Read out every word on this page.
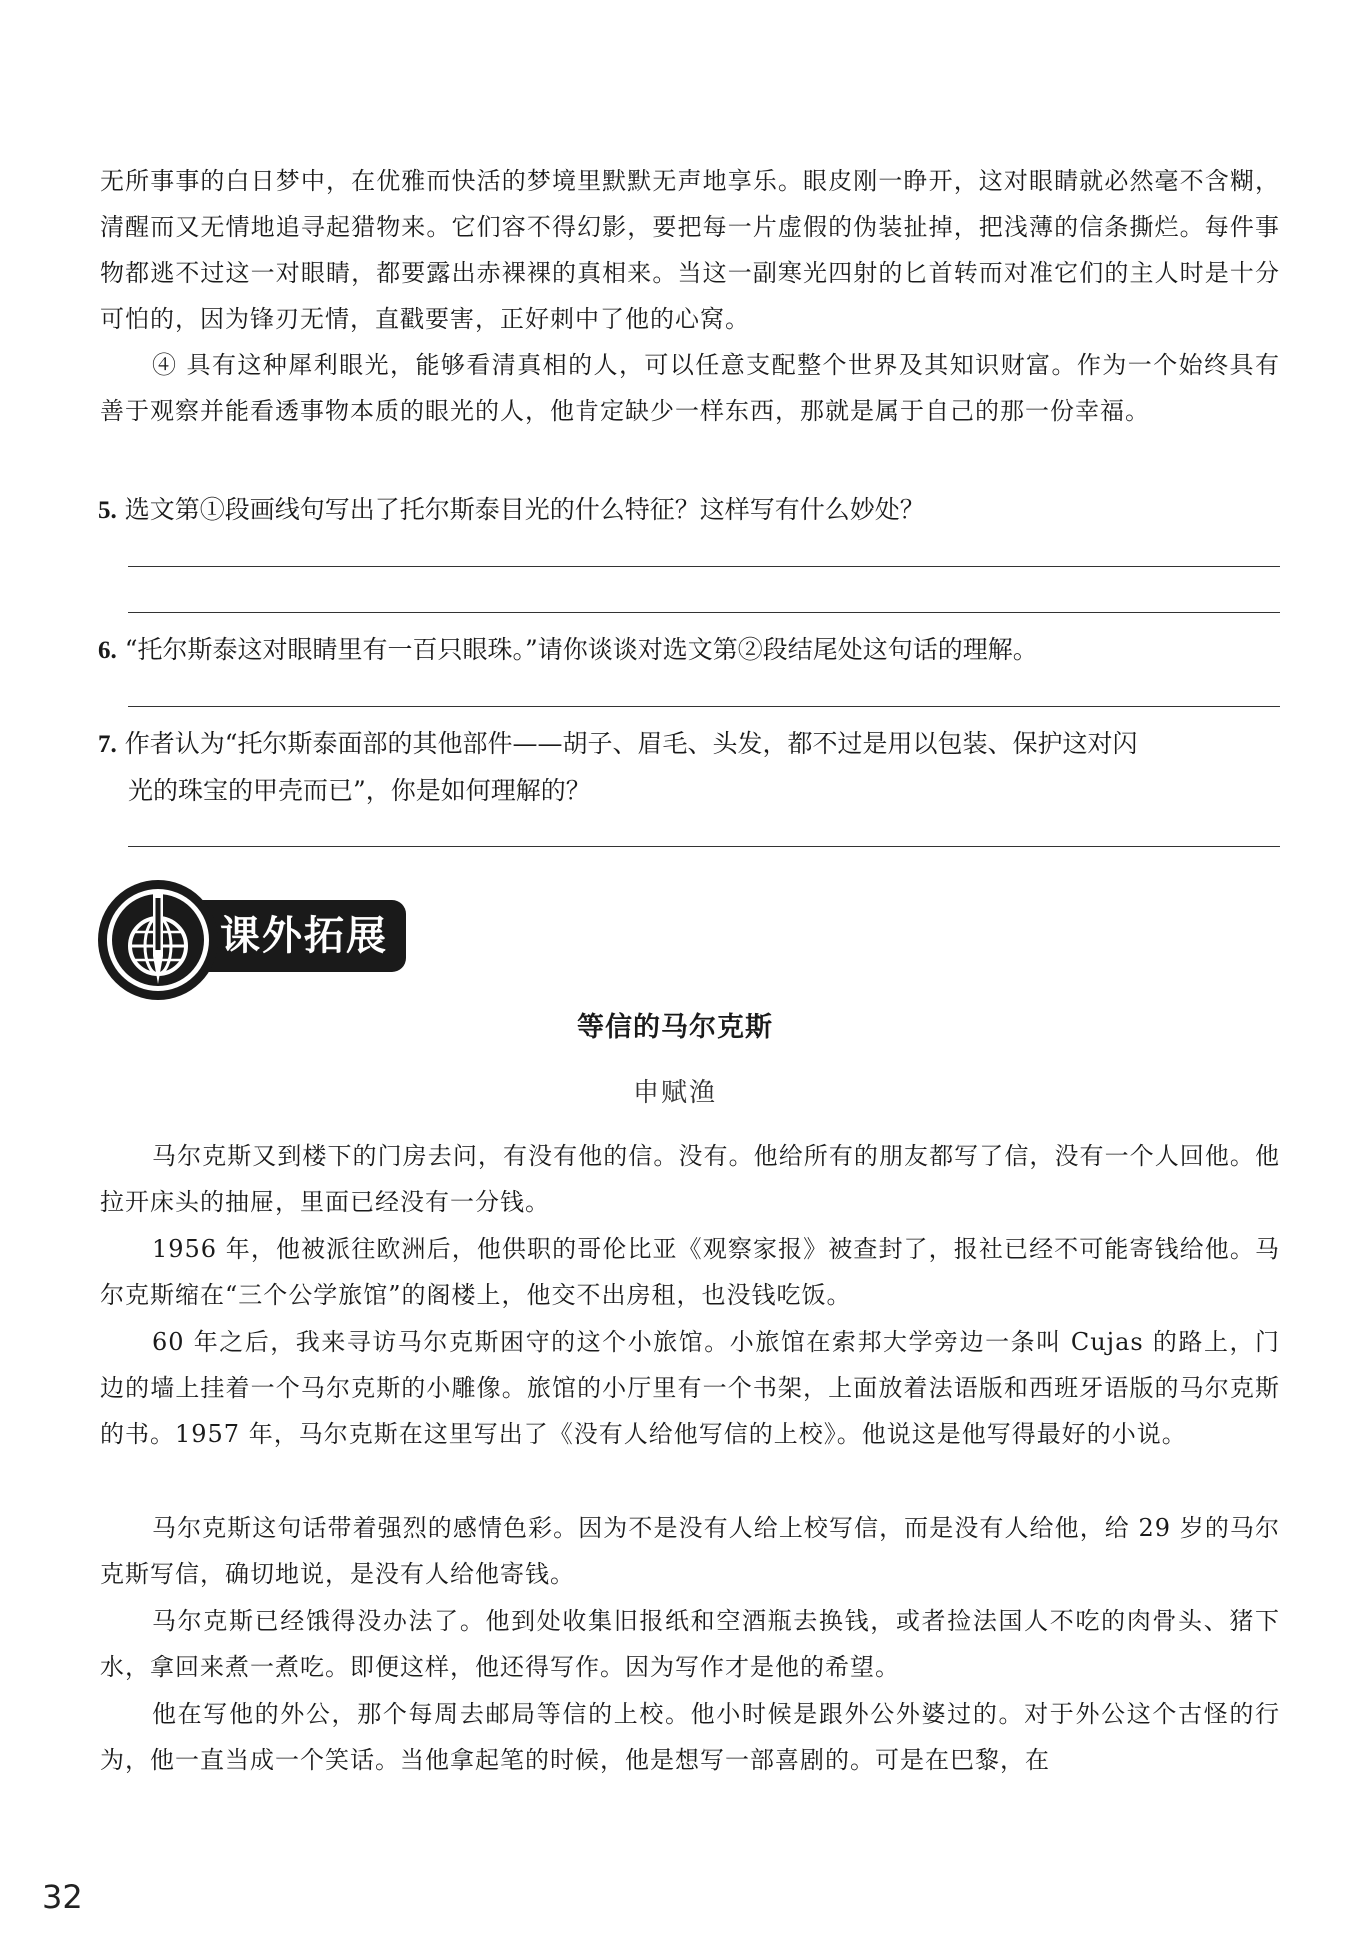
无所事事的白日梦中，在优雅而快活的梦境里默默无声地享乐。眼皮刚一睁开，这对眼睛就必然毫不含糊，清醒而又无情地追寻起猎物来。它们容不得幻影，要把每一片虚假的伪装扯掉，把浅薄的信条撕烂。每件事物都逃不过这一对眼睛，都要露出赤裸裸的真相来。当这一副寒光四射的匕首转而对准它们的主人时是十分可怕的，因为锋刃无情，直戳要害，正好刺中了他的心窝。

④ 具有这种犀利眼光，能够看清真相的人，可以任意支配整个世界及其知识财富。作为一个始终具有善于观察并能看透事物本质的眼光的人，他肯定缺少一样东西，那就是属于自己的那一份幸福。

5. 选文第①段画线句写出了托尔斯泰目光的什么特征？这样写有什么妙处？
6. “托尔斯泰这对眼睛里有一百只眼珠。”请你谈谈对选文第②段结尾处这句话的理解。
7. 作者认为“托尔斯泰面部的其他部件——胡子、眉毛、头发，都不过是用以包装、保护这对闪
光的珠宝的甲壳而已”，你是如何理解的？
课外拓展
等信的马尔克斯
申赋渔

马尔克斯又到楼下的门房去问，有没有他的信。没有。他给所有的朋友都写了信，没有一个人回他。他拉开床头的抽屉，里面已经没有一分钱。

1956 年，他被派往欧洲后，他供职的哥伦比亚《观察家报》被查封了，报社已经不可能寄钱给他。马尔克斯缩在“三个公学旅馆”的阁楼上，他交不出房租，也没钱吃饭。

60 年之后，我来寻访马尔克斯困守的这个小旅馆。小旅馆在索邦大学旁边一条叫 Cujas 的路上，门边的墙上挂着一个马尔克斯的小雕像。旅馆的小厅里有一个书架，上面放着法语版和西班牙语版的马尔克斯的书。1957 年，马尔克斯在这里写出了《没有人给他写信的上校》。他说这是他写得最好的小说。

马尔克斯这句话带着强烈的感情色彩。因为不是没有人给上校写信，而是没有人给他，给 29 岁的马尔克斯写信，确切地说，是没有人给他寄钱。

马尔克斯已经饿得没办法了。他到处收集旧报纸和空酒瓶去换钱，或者捡法国人不吃的肉骨头、猪下水，拿回来煮一煮吃。即便这样，他还得写作。因为写作才是他的希望。

他在写他的外公，那个每周去邮局等信的上校。他小时候是跟外公外婆过的。对于外公这个古怪的行为，他一直当成一个笑话。当他拿起笔的时候，他是想写一部喜剧的。可是在巴黎，在

32
